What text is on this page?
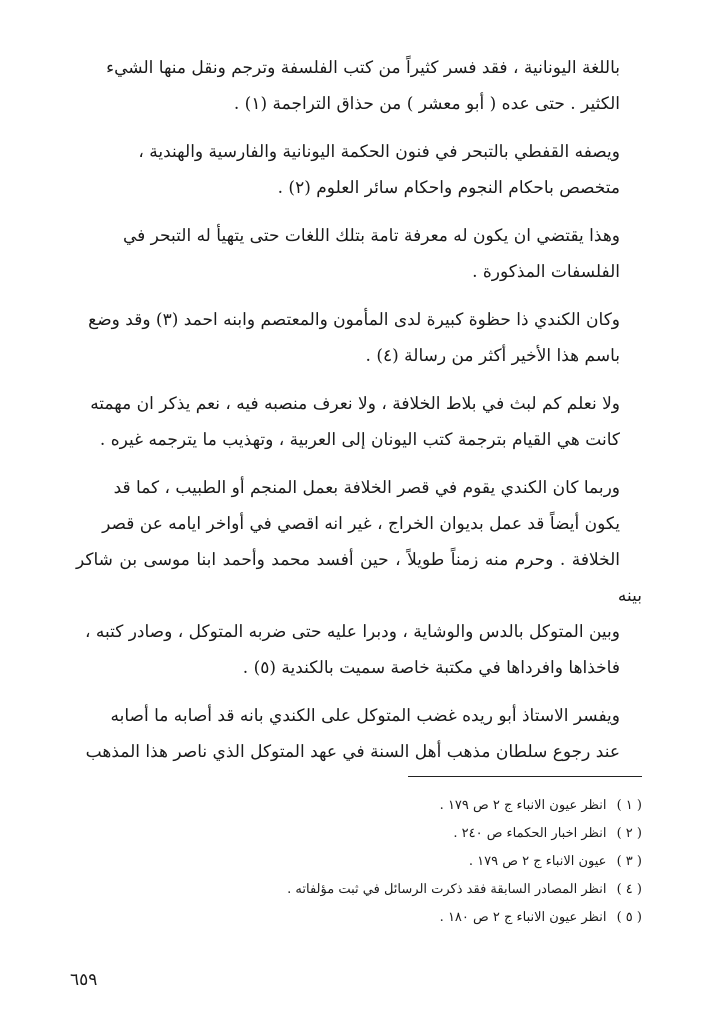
باللغة اليونانية ، فقد فسر كثيراً من كتب الفلسفة وترجم ونقل منها الشيء
الكثير . حتى عده ( أبو معشر ) من حذاق التراجمة (١) .

ويصفه القفطي بالتبحر في فنون الحكمة اليونانية والفارسية والهندية ،
متخصص باحكام النجوم واحكام سائر العلوم (٢) .

وهذا يقتضي ان يكون له معرفة تامة بتلك اللغات حتى يتهيأ له التبحر في
الفلسفات المذكورة .

وكان الكندي ذا حظوة كبيرة لدى المأمون والمعتصم وابنه احمد (٣) وقد وضع
باسم هذا الأخير أكثر من رسالة (٤) .

ولا نعلم كم لبث في بلاط الخلافة ، ولا نعرف منصبه فيه ، نعم يذكر ان مهمته
كانت هي القيام بترجمة كتب اليونان إلى العربية ، وتهذيب ما يترجمه غيره .

وربما كان الكندي يقوم في قصر الخلافة بعمل المنجم أو الطبيب ، كما قد
يكون أيضاً قد عمل بديوان الخراج ، غير انه اقصي في أواخر ايامه عن قصر
الخلافة . وحرم منه زمناً طويلاً ، حين أفسد محمد وأحمد ابنا موسى بن شاكر بينه
وبين المتوكل بالدس والوشاية ، ودبرا عليه حتى ضربه المتوكل ، وصادر كتبه ،
فاخذاها وافرداها في مكتبة خاصة سميت بالكندية (٥) .

ويفسر الاستاذ أبو ريده غضب المتوكل على الكندي بانه قد أصابه ما أصابه
عند رجوع سلطان مذهب أهل السنة في عهد المتوكل الذي ناصر هذا المذهب

( ١ ) انظر عيون الانباء ج ٢ ص ١٧٩ .
( ٢ ) انظر اخبار الحكماء ص ٢٤٠ .
( ٣ ) عيون الانباء ج ٢ ص ١٧٩ .
( ٤ ) انظر المصادر السابقة فقد ذكرت الرسائل في ثبت مؤلفاته .
( ٥ ) انظر عيون الانباء ج ٢ ص ١٨٠ .
٦٥٩
